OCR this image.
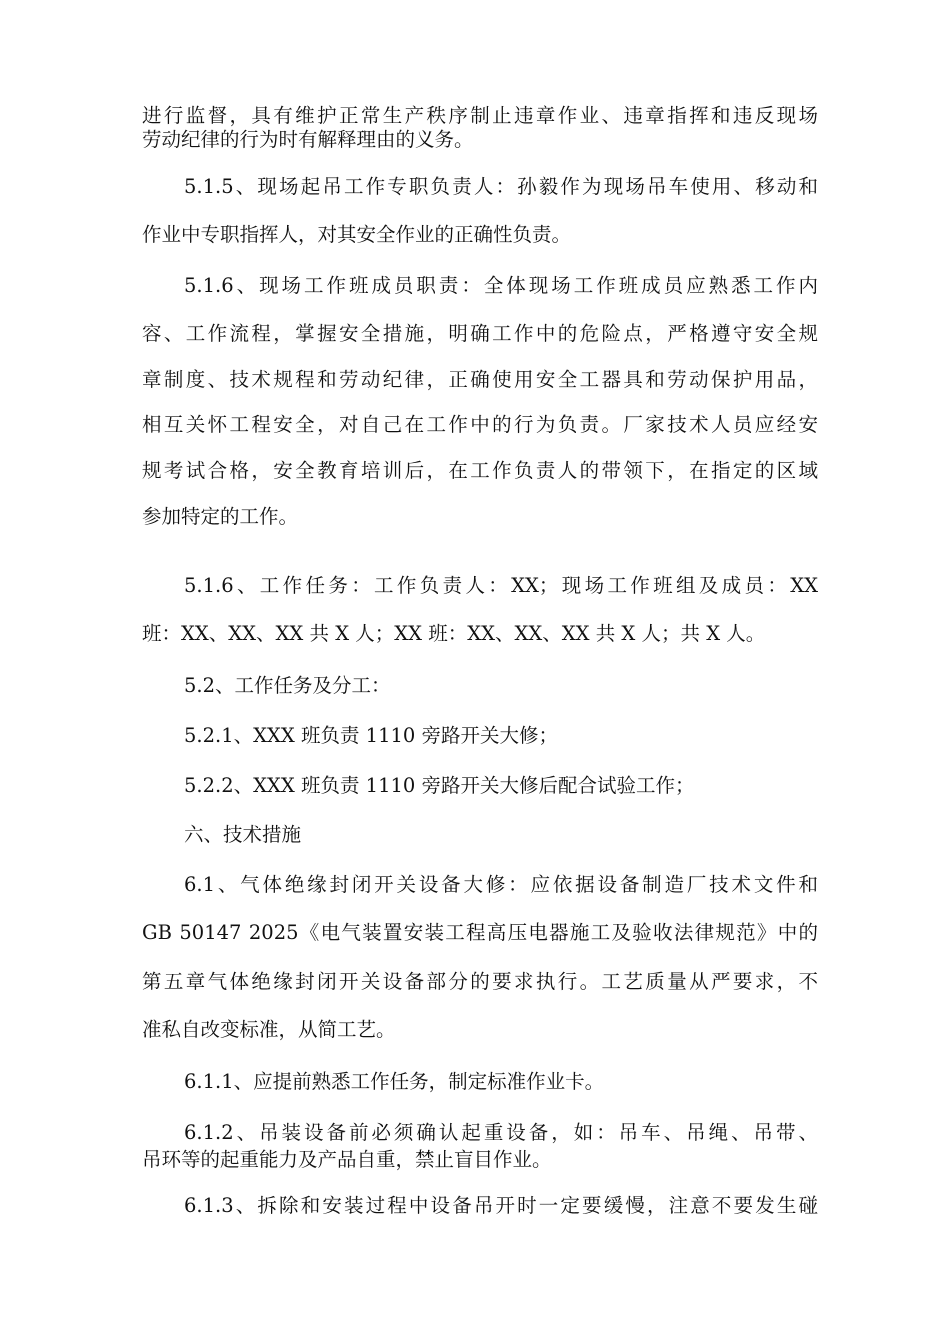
进行监督，具有维护正常生产秩序制止违章作业、违章指挥和违反现场
劳动纪律的行为时有解释理由的义务。
5.1.5、现场起吊工作专职负责人：孙毅作为现场吊车使用、移动和
作业中专职指挥人，对其安全作业的正确性负责。
5.1.6、现场工作班成员职责：全体现场工作班成员应熟悉工作内
容、工作流程，掌握安全措施，明确工作中的危险点，严格遵守安全规
章制度、技术规程和劳动纪律，正确使用安全工器具和劳动保护用品，
相互关怀工程安全，对自己在工作中的行为负责。厂家技术人员应经安
规考试合格，安全教育培训后，在工作负责人的带领下，在指定的区域
参加特定的工作。
5.1.6、工作任务：工作负责人：XX；现场工作班组及成员：XX
班：XX、XX、XX 共 X 人；XX 班：XX、XX、XX 共 X 人；共 X 人。
5.2、工作任务及分工：
5.2.1、XXX 班负责 1110 旁路开关大修；
5.2.2、XXX 班负责 1110 旁路开关大修后配合试验工作；
六、技术措施
6.1、气体绝缘封闭开关设备大修：应依据设备制造厂技术文件和
GB 50147 2025《电气装置安装工程高压电器施工及验收法律规范》中的
第五章气体绝缘封闭开关设备部分的要求执行。工艺质量从严要求，不
准私自改变标准，从简工艺。
6.1.1、应提前熟悉工作任务，制定标准作业卡。
6.1.2、吊装设备前必须确认起重设备，如：吊车、吊绳、吊带、
吊环等的起重能力及产品自重，禁止盲目作业。
6.1.3、拆除和安装过程中设备吊开时一定要缓慢，注意不要发生碰
